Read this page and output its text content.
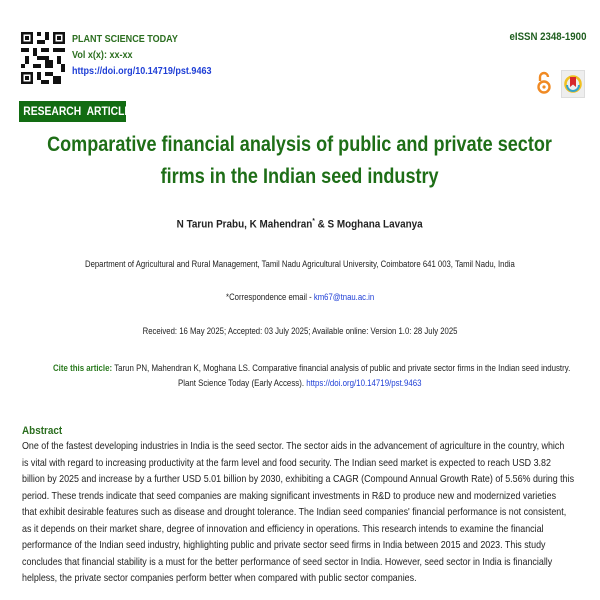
PLANT SCIENCE TODAY
Vol x(x): xx-xx
https://doi.org/10.14719/pst.9463
eISSN 2348-1900
RESEARCH  ARTICLE
Comparative financial analysis of public and private sector
firms in the Indian seed industry
N Tarun Prabu, K Mahendran* & S Moghana Lavanya
Department of Agricultural and Rural Management, Tamil Nadu Agricultural University, Coimbatore 641 003, Tamil Nadu, India
*Correspondence email - km67@tnau.ac.in
Received: 16 May 2025; Accepted: 03 July 2025; Available online: Version 1.0: 28 July 2025
Cite this article: Tarun PN, Mahendran K, Moghana LS. Comparative financial analysis of public and private sector firms in the Indian seed industry.
Plant Science Today (Early Access). https://doi.org/10.14719/pst.9463
Abstract
One of the fastest developing industries in India is the seed sector. The sector aids in the advancement of agriculture in the country, which
is vital with regard to increasing productivity at the farm level and food security. The Indian seed market is expected to reach USD 3.82
billion by 2025 and increase by a further USD 5.01 billion by 2030, exhibiting a CAGR (Compound Annual Growth Rate) of 5.56% during this
period. These trends indicate that seed companies are making significant investments in R&D to produce new and modernized varieties
that exhibit desirable features such as disease and drought tolerance. The Indian seed companies' financial performance is not consistent,
as it depends on their market share, degree of innovation and efficiency in operations. This research intends to examine the financial
performance of the Indian seed industry, highlighting public and private sector seed firms in India between 2015 and 2023. This study
concludes that financial stability is a must for the better performance of seed sector in India. However, seed sector in India is financially
helpless, the private sector companies perform better when compared with public sector companies.
